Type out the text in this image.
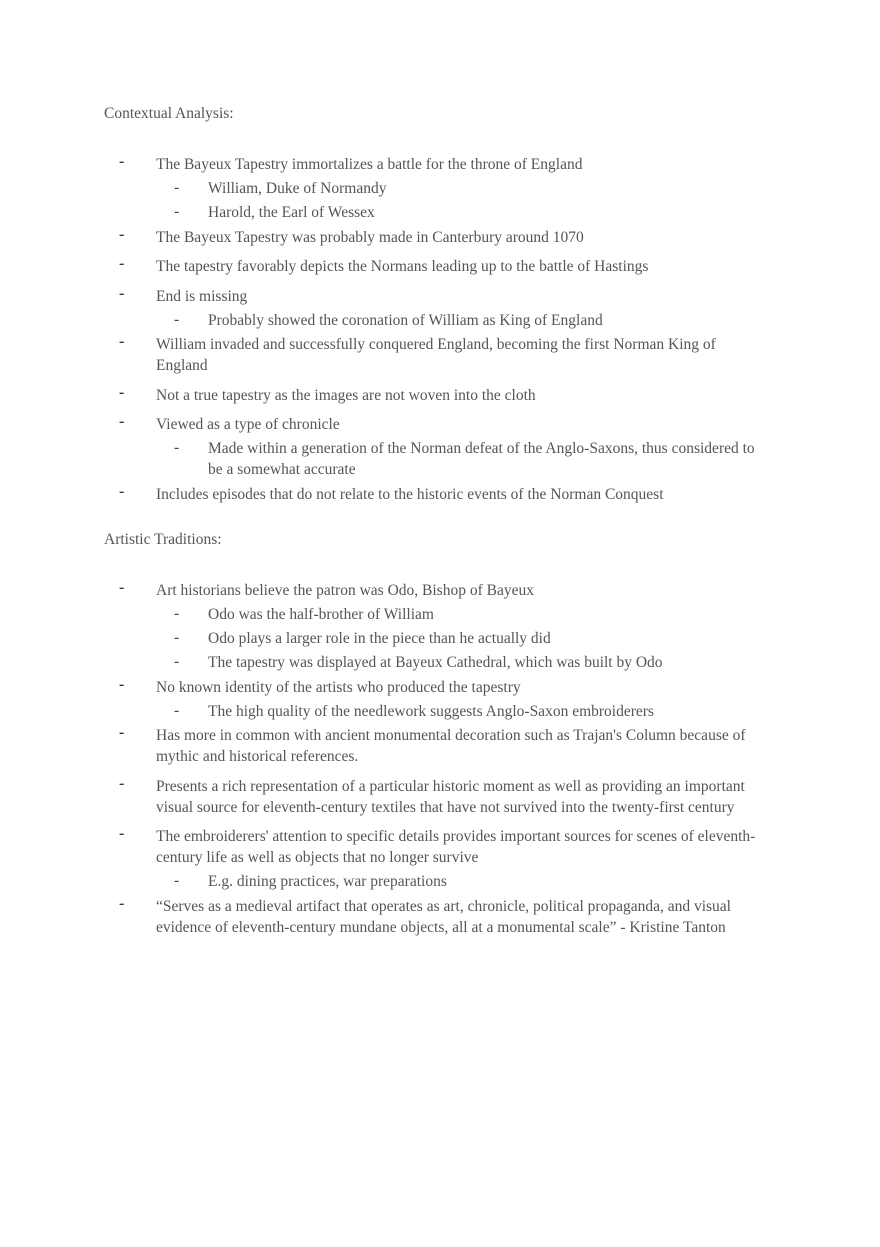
Contextual Analysis:
- The Bayeux Tapestry immortalizes a battle for the throne of England
- William, Duke of Normandy
- Harold, the Earl of Wessex
- The Bayeux Tapestry was probably made in Canterbury around 1070
- The tapestry favorably depicts the Normans leading up to the battle of Hastings
- End is missing
- Probably showed the coronation of William as King of England
- William invaded and successfully conquered England, becoming the first Norman King of England
- Not a true tapestry as the images are not woven into the cloth
- Viewed as a type of chronicle
- Made within a generation of the Norman defeat of the Anglo-Saxons, thus considered to be a somewhat accurate
- Includes episodes that do not relate to the historic events of the Norman Conquest
Artistic Traditions:
- Art historians believe the patron was Odo, Bishop of Bayeux
- Odo was the half-brother of William
- Odo plays a larger role in the piece than he actually did
- The tapestry was displayed at Bayeux Cathedral, which was built by Odo
- No known identity of the artists who produced the tapestry
- The high quality of the needlework suggests Anglo-Saxon embroiderers
- Has more in common with ancient monumental decoration such as Trajan's Column because of mythic and historical references.
- Presents a rich representation of a particular historic moment as well as providing an important visual source for eleventh-century textiles that have not survived into the twenty-first century
- The embroiderers' attention to specific details provides important sources for scenes of eleventh-century life as well as objects that no longer survive
- E.g. dining practices, war preparations
- “Serves as a medieval artifact that operates as art, chronicle, political propaganda, and visual evidence of eleventh-century mundane objects, all at a monumental scale” - Kristine Tanton
